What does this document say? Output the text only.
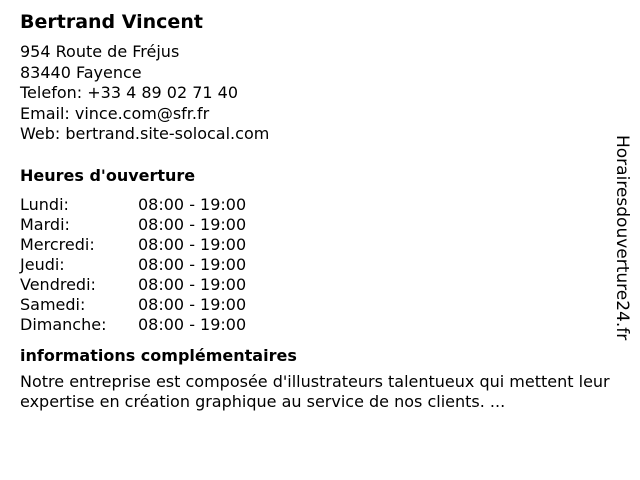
Bertrand Vincent
954 Route de Fréjus
83440 Fayence
Telefon: +33 4 89 02 71 40
Email: vince.com@sfr.fr
Web: bertrand.site-solocal.com
Heures d'ouverture
Lundi:	08:00 - 19:00
Mardi:	08:00 - 19:00
Mercredi:	08:00 - 19:00
Jeudi:	08:00 - 19:00
Vendredi:	08:00 - 19:00
Samedi:	08:00 - 19:00
Dimanche:	08:00 - 19:00
informations complémentaires
Notre entreprise est composée d'illustrateurs talentueux qui mettent leur expertise en création graphique au service de nos clients. ...
Horairesdouverture24.fr
